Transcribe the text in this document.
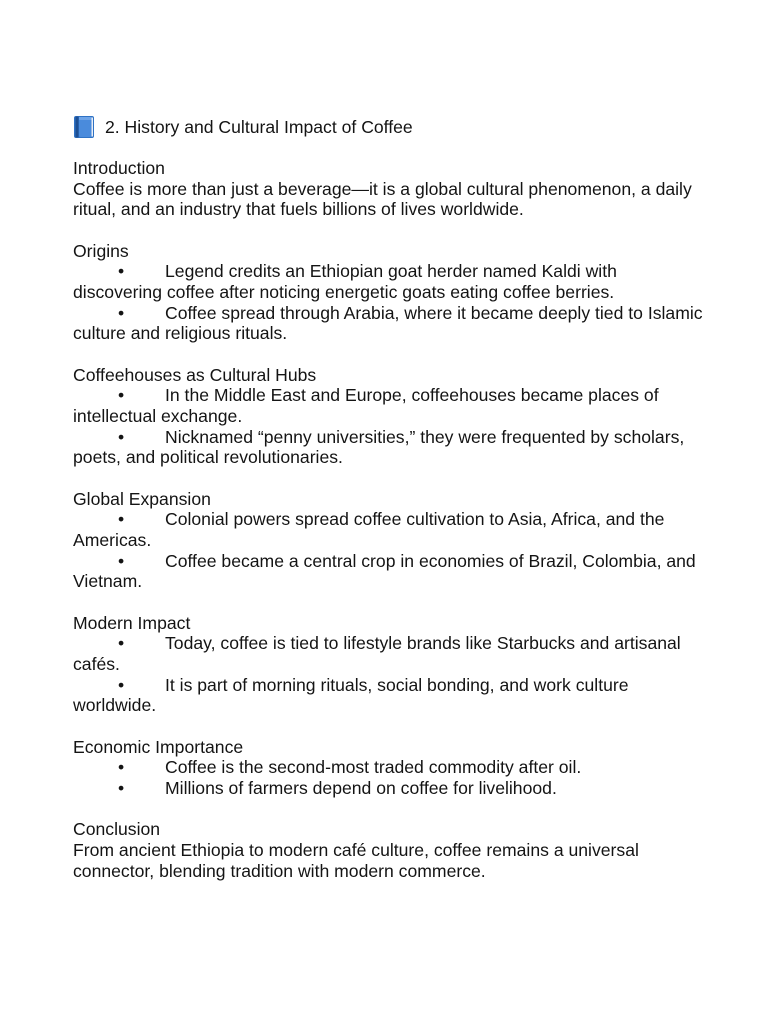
2. History and Cultural Impact of Coffee
Introduction
Coffee is more than just a beverage—it is a global cultural phenomenon, a daily ritual, and an industry that fuels billions of lives worldwide.
Origins
• Legend credits an Ethiopian goat herder named Kaldi with discovering coffee after noticing energetic goats eating coffee berries.
• Coffee spread through Arabia, where it became deeply tied to Islamic culture and religious rituals.
Coffeehouses as Cultural Hubs
• In the Middle East and Europe, coffeehouses became places of intellectual exchange.
• Nicknamed “penny universities,” they were frequented by scholars, poets, and political revolutionaries.
Global Expansion
• Colonial powers spread coffee cultivation to Asia, Africa, and the Americas.
• Coffee became a central crop in economies of Brazil, Colombia, and Vietnam.
Modern Impact
• Today, coffee is tied to lifestyle brands like Starbucks and artisanal cafés.
• It is part of morning rituals, social bonding, and work culture worldwide.
Economic Importance
• Coffee is the second-most traded commodity after oil.
• Millions of farmers depend on coffee for livelihood.
Conclusion
From ancient Ethiopia to modern café culture, coffee remains a universal connector, blending tradition with modern commerce.
